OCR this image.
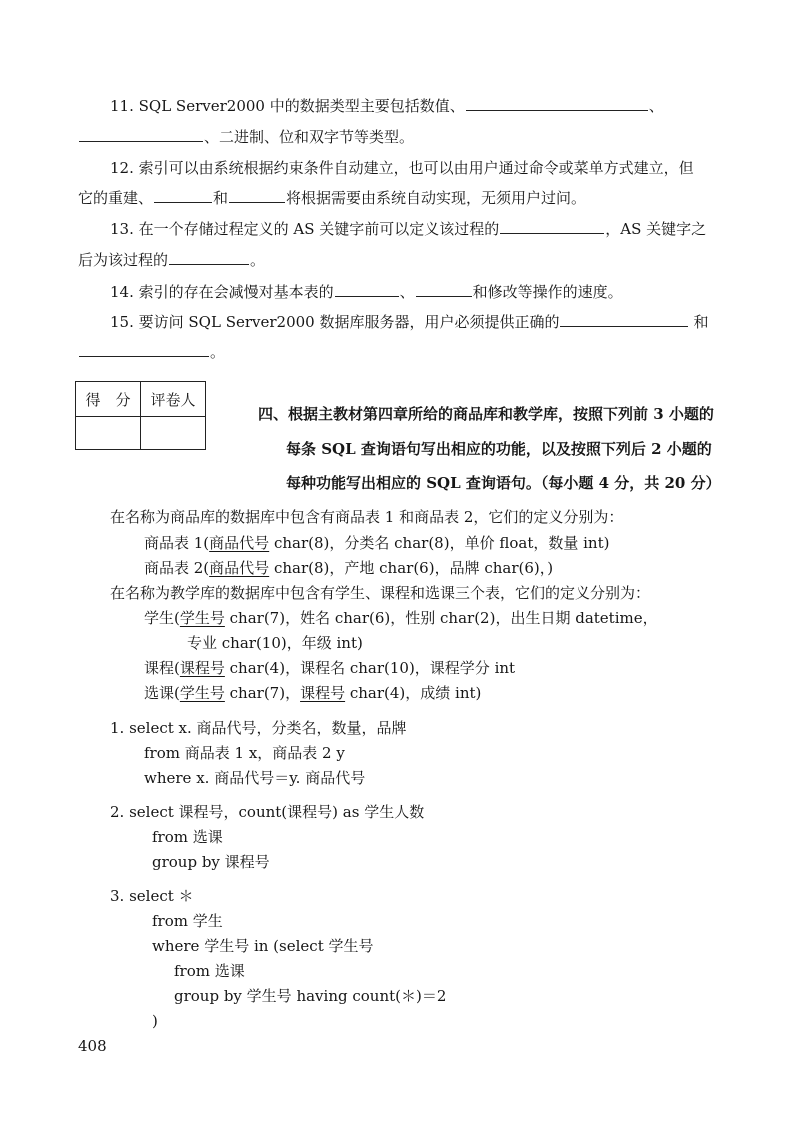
11. SQL Server2000 中的数据类型主要包括数值、	、
、二进制、位和双字节等类型。
12. 索引可以由系统根据约束条件自动建立，也可以由用户通过命令或菜单方式建立，但
它的重建、	和	将根据需要由系统自动实现，无须用户过问。
13. 在一个存储过程定义的 AS 关键字前可以定义该过程的	，AS 关键字之
后为该过程的	。
14. 索引的存在会减慢对基本表的	、	和修改等操作的速度。
15. 要访问 SQL Server2000 数据库服务器，用户必须提供正确的	和
。
得　分	评卷人

四、根据主教材第四章所给的商品库和教学库，按照下列前 3 小题的
每条 SQL 查询语句写出相应的功能，以及按照下列后 2 小题的
每种功能写出相应的 SQL 查询语句。（每小题 4 分，共 20 分）
在名称为商品库的数据库中包含有商品表 1 和商品表 2，它们的定义分别为：
商品表 1(商品代号 char(8)，分类名 char(8)，单价 float，数量 int)
商品表 2(商品代号 char(8)，产地 char(6)，品牌 char(6)，)
在名称为教学库的数据库中包含有学生、课程和选课三个表，它们的定义分别为：
学生(学生号 char(7)，姓名 char(6)，性别 char(2)，出生日期 datetime，
专业 char(10)，年级 int)
课程(课程号 char(4)，课程名 char(10)，课程学分 int
选课(学生号 char(7)，课程号 char(4)，成绩 int)
1. select x. 商品代号，分类名，数量，品牌
from 商品表 1 x，商品表 2 y
where x. 商品代号＝y. 商品代号
2. select 课程号，count(课程号) as 学生人数
from 选课
group by 课程号
3. select ＊
from 学生
where 学生号 in (select 学生号
from 选课
group by 学生号 having count(＊)＝2
)
408
